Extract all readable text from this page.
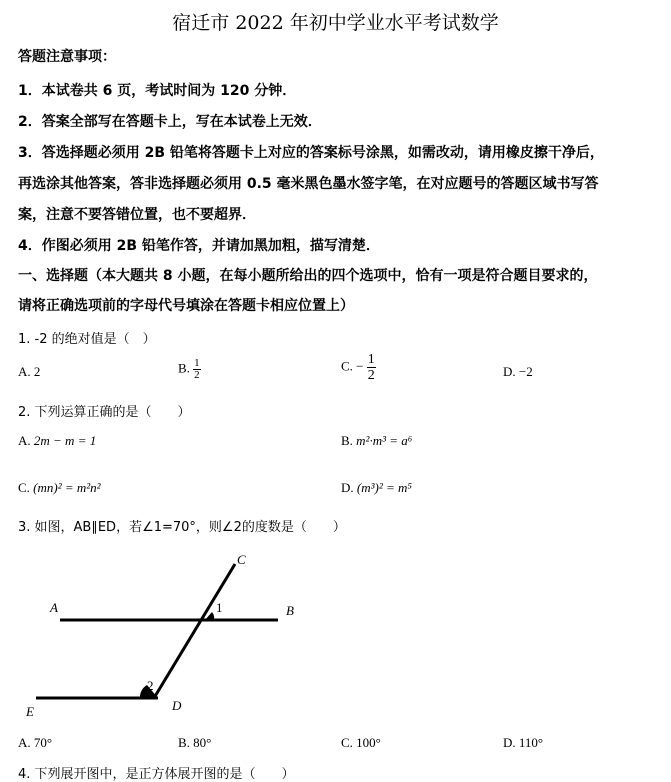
宿迁市 2022 年初中学业水平考试数学
答题注意事项：
1．本试卷共 6 页，考试时间为 120 分钟．
2．答案全部写在答题卡上，写在本试卷上无效．
3．答选择题必须用 2B 铅笔将答题卡上对应的答案标号涂黑，如需改动，请用橡皮擦干净后，
再选涂其他答案，答非选择题必须用 0.5 毫米黑色墨水签字笔，在对应题号的答题区域书写答
案，注意不要答错位置，也不要超界．
4．作图必须用 2B 铅笔作答，并请加黑加粗，描写清楚．
一、选择题（本大题共 8 小题，在每小题所给出的四个选项中，恰有一项是符合题目要求的，
请将正确选项前的字母代号填涂在答题卡相应位置上）
1. -2 的绝对值是（　）
A. 2	B. $\frac{1}{2}$	C. − $\frac{1}{2}$	D. −2
2. 下列运算正确的是（　　）
A. 2m − m = 1	B. m²·m³ = a⁶
C. (mn)² = m²n²	D. (m³)² = m⁵
3. 如图，AB∥ED，若∠1=70°，则∠2的度数是（　　）
C
A	B
1
2
D
E
A. 70°	B. 80°	C. 100°	D. 110°
4. 下列展开图中，是正方体展开图的是（　　）
